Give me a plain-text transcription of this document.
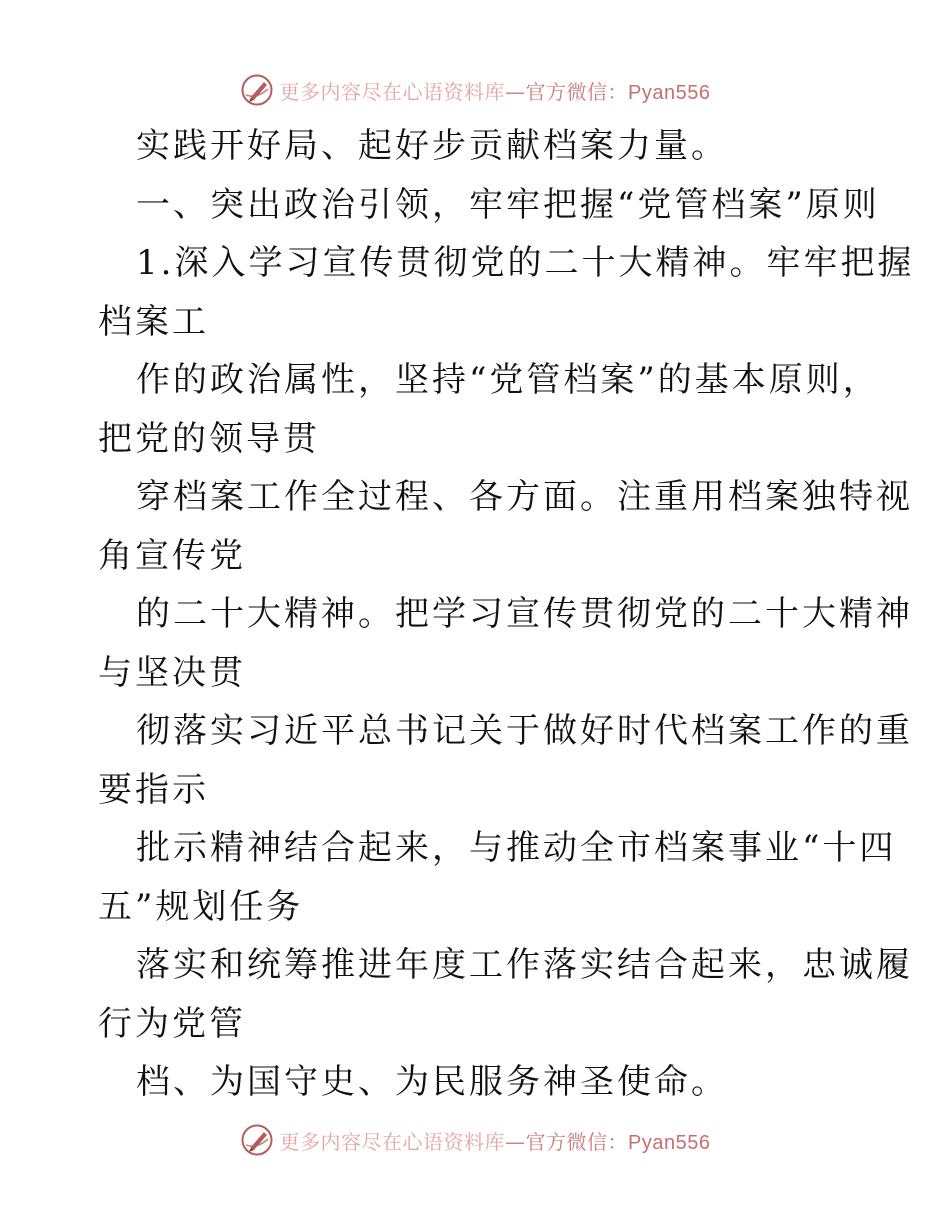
更多内容尽在心语资料库—官方微信：Pyan556
实践开好局、起好步贡献档案力量。
一、突出政治引领，牢牢把握“党管档案”原则
1.深入学习宣传贯彻党的二十大精神。牢牢把握
档案工
作的政治属性，坚持“党管档案”的基本原则，
把党的领导贯
穿档案工作全过程、各方面。注重用档案独特视
角宣传党
的二十大精神。把学习宣传贯彻党的二十大精神
与坚决贯
彻落实习近平总书记关于做好时代档案工作的重
要指示
批示精神结合起来，与推动全市档案事业“十四
五”规划任务
落实和统筹推进年度工作落实结合起来，忠诚履
行为党管
档、为国守史、为民服务神圣使命。
更多内容尽在心语资料库—官方微信：Pyan556
